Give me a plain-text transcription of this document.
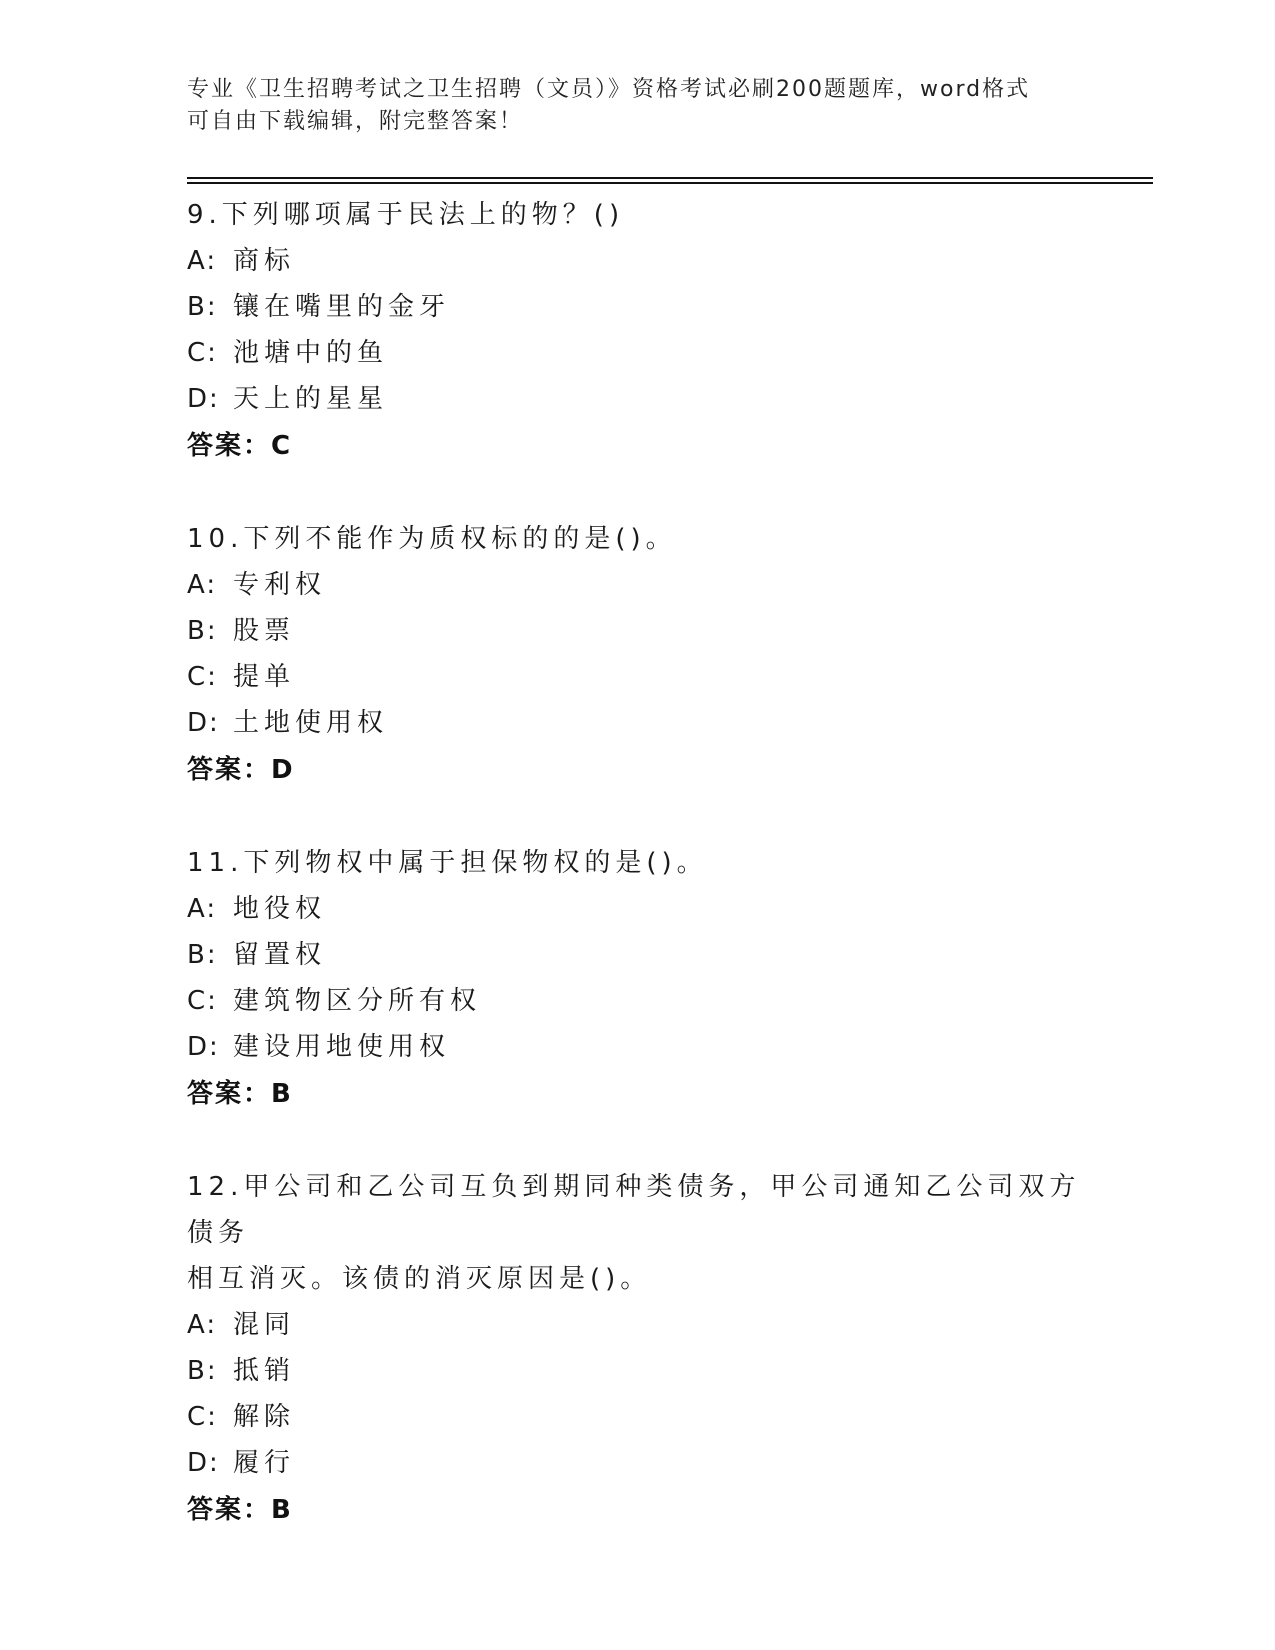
专业《卫生招聘考试之卫生招聘（文员）》资格考试必刷200题题库，word格式
可自由下载编辑，附完整答案！
9.下列哪项属于民法上的物？()
A: 商标
B: 镶在嘴里的金牙
C: 池塘中的鱼
D: 天上的星星
答案：C
10.下列不能作为质权标的的是()。
A: 专利权
B: 股票
C: 提单
D: 土地使用权
答案：D
11.下列物权中属于担保物权的是()。
A: 地役权
B: 留置权
C: 建筑物区分所有权
D: 建设用地使用权
答案：B
12.甲公司和乙公司互负到期同种类债务，甲公司通知乙公司双方债务
相互消灭。该债的消灭原因是()。
A: 混同
B: 抵销
C: 解除
D: 履行
答案：B
